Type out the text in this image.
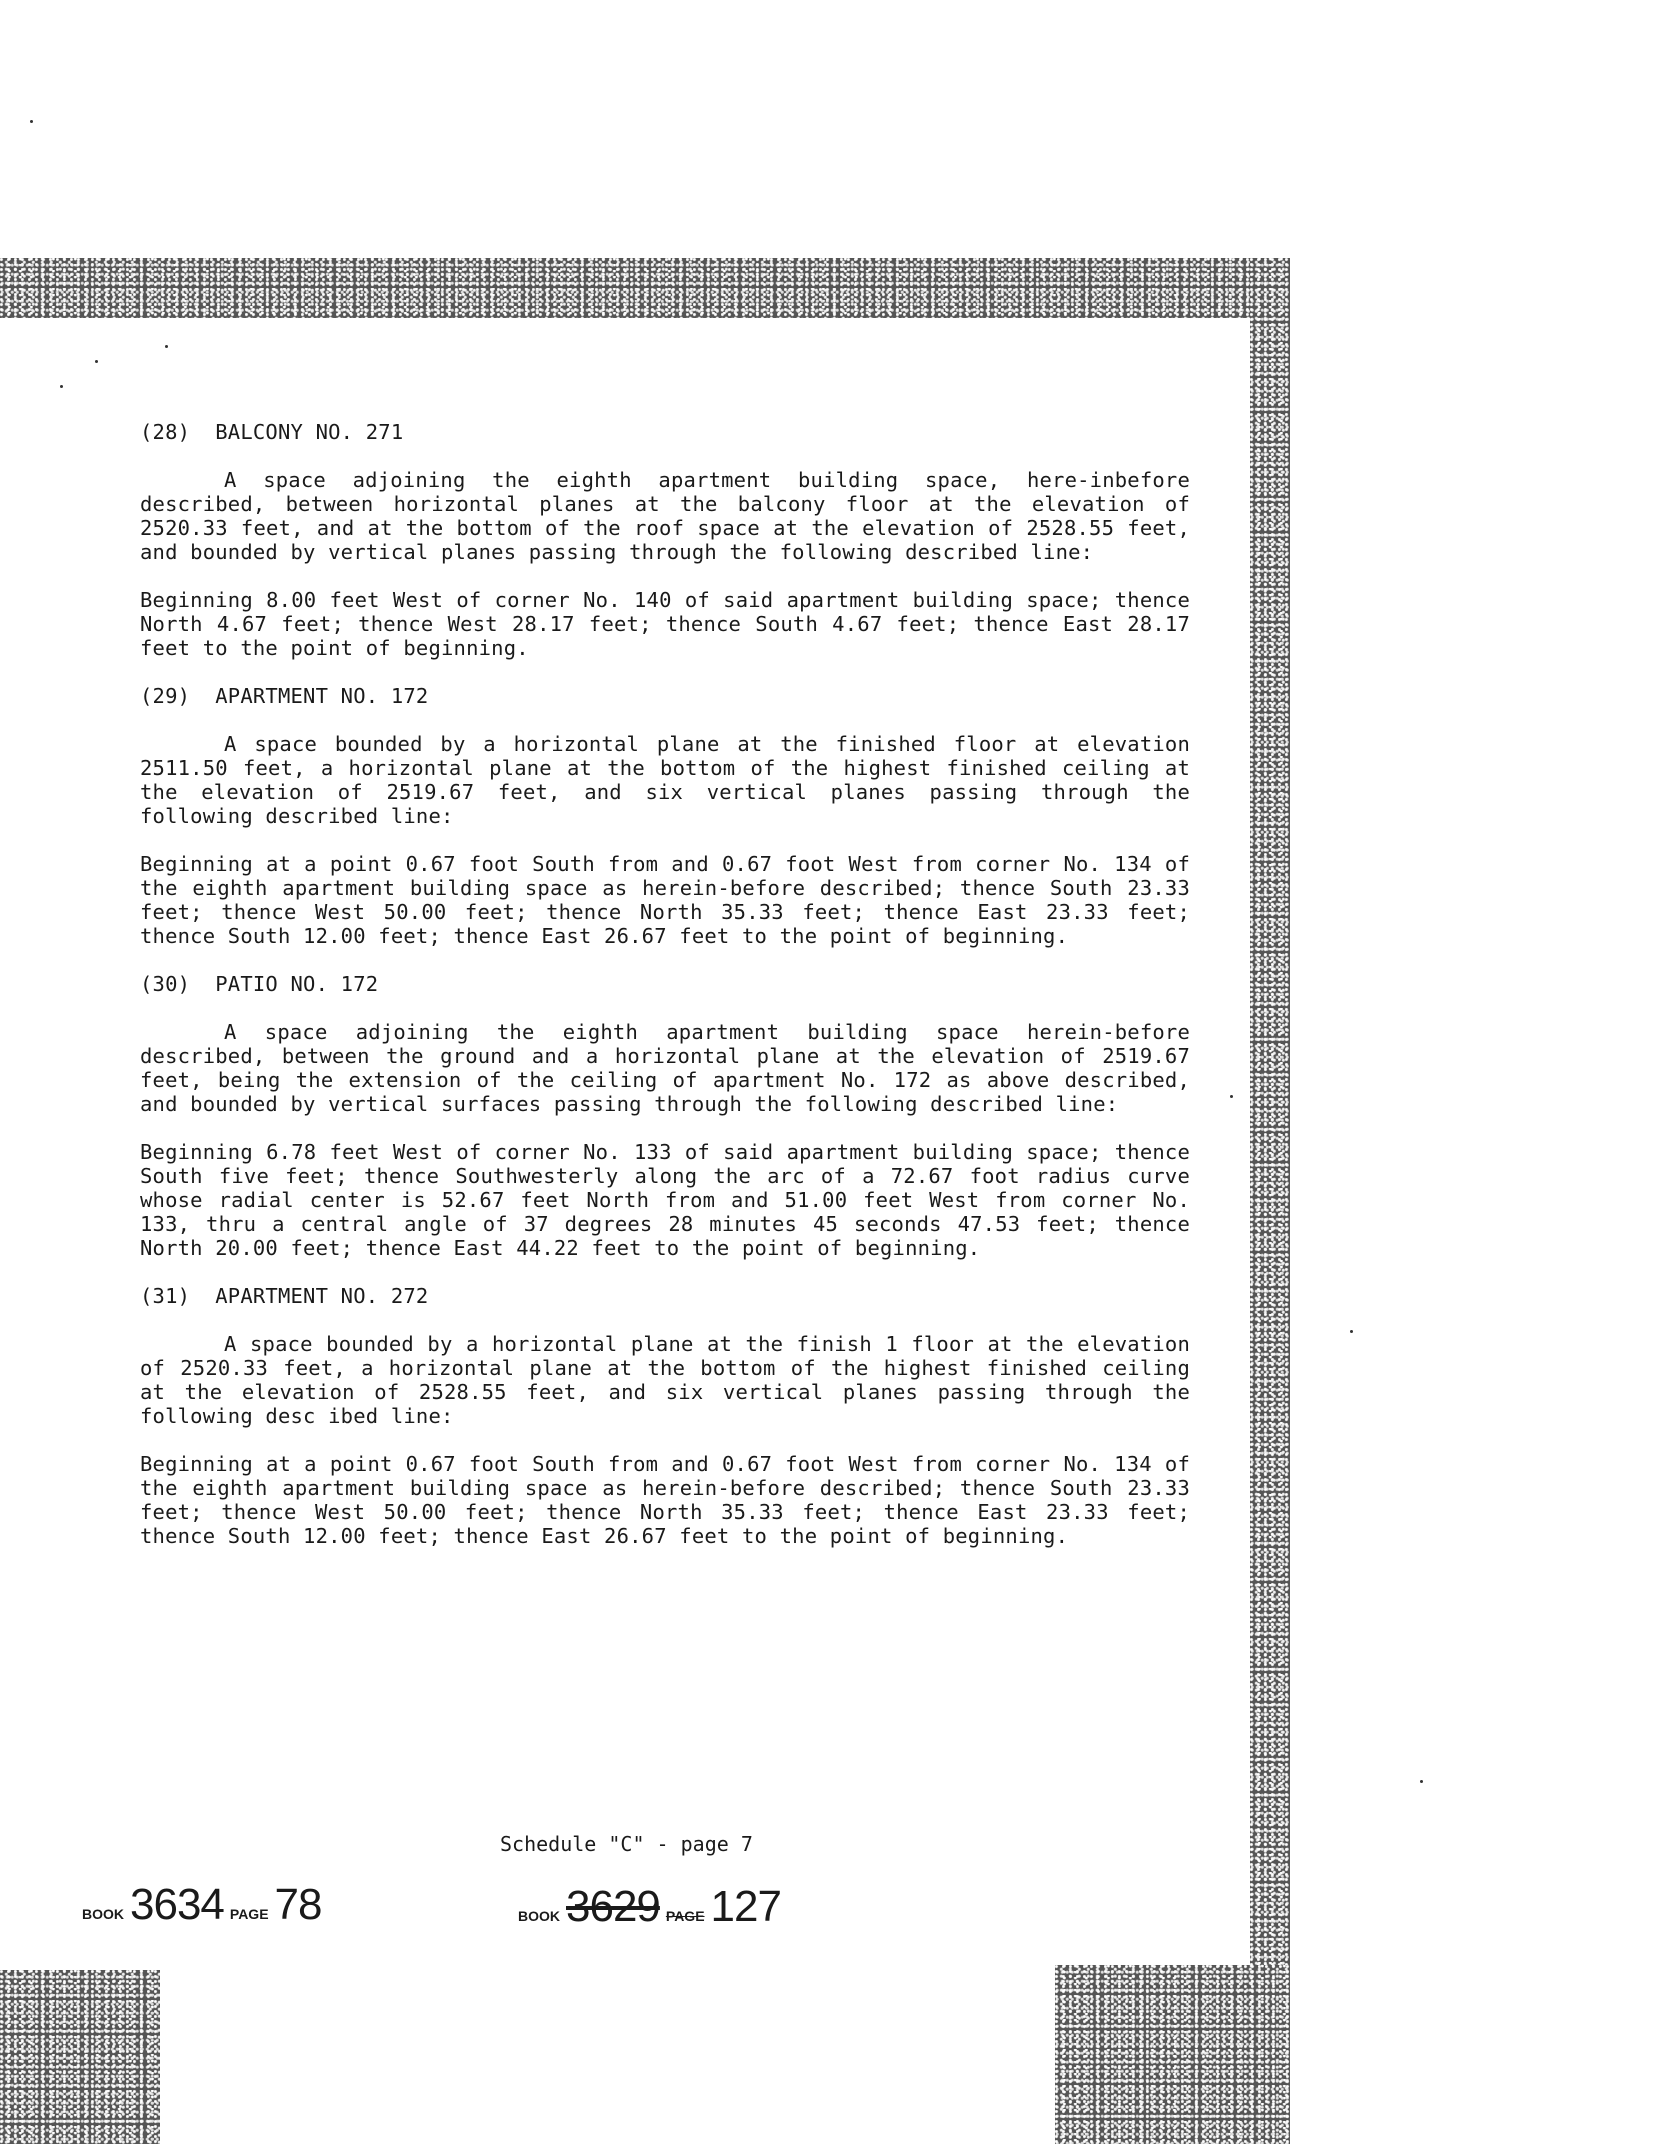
(28)  BALCONY NO. 271

A space adjoining the eighth apartment building space, here-inbefore described, between horizontal planes at the balcony floor at the elevation of 2520.33 feet, and at the bottom of the roof space at the elevation of 2528.55 feet, and bounded by vertical planes passing through the following described line:

Beginning 8.00 feet West of corner No. 140 of said apartment building space; thence North 4.67 feet; thence West 28.17 feet; thence South 4.67 feet; thence East 28.17 feet to the point of beginning.

(29)  APARTMENT NO. 172

A space bounded by a horizontal plane at the finished floor at elevation 2511.50 feet, a horizontal plane at the bottom of the highest finished ceiling at the elevation of 2519.67 feet, and six vertical planes passing through the following described line:

Beginning at a point 0.67 foot South from and 0.67 foot West from corner No. 134 of the eighth apartment building space as herein-before described; thence South 23.33 feet; thence West 50.00 feet; thence North 35.33 feet; thence East 23.33 feet; thence South 12.00 feet; thence East 26.67 feet to the point of beginning.

(30)  PATIO NO. 172

A space adjoining the eighth apartment building space herein-before described, between the ground and a horizontal plane at the elevation of 2519.67 feet, being the extension of the ceiling of apartment No. 172 as above described, and bounded by vertical surfaces passing through the following described line:

Beginning 6.78 feet West of corner No. 133 of said apartment building space; thence South five feet; thence Southwesterly along the arc of a 72.67 foot radius curve whose radial center is 52.67 feet North from and 51.00 feet West from corner No. 133, thru a central angle of 37 degrees 28 minutes 45 seconds 47.53 feet; thence North 20.00 feet; thence East 44.22 feet to the point of beginning.

(31)  APARTMENT NO. 272

A space bounded by a horizontal plane at the finish 1 floor at the elevation of 2520.33 feet, a horizontal plane at the bottom of the highest finished ceiling at the elevation of 2528.55 feet, and six vertical planes passing through the following desc ibed line:

Beginning at a point 0.67 foot South from and 0.67 foot West from corner No. 134 of the eighth apartment building space as herein-before described; thence South 23.33 feet; thence West 50.00 feet; thence North 35.33 feet; thence East 23.33 feet; thence South 12.00 feet; thence East 26.67 feet to the point of beginning.

Schedule "C" - page 7
BOOK 3634 PAGE 78	BOOK 3629 PAGE 127
